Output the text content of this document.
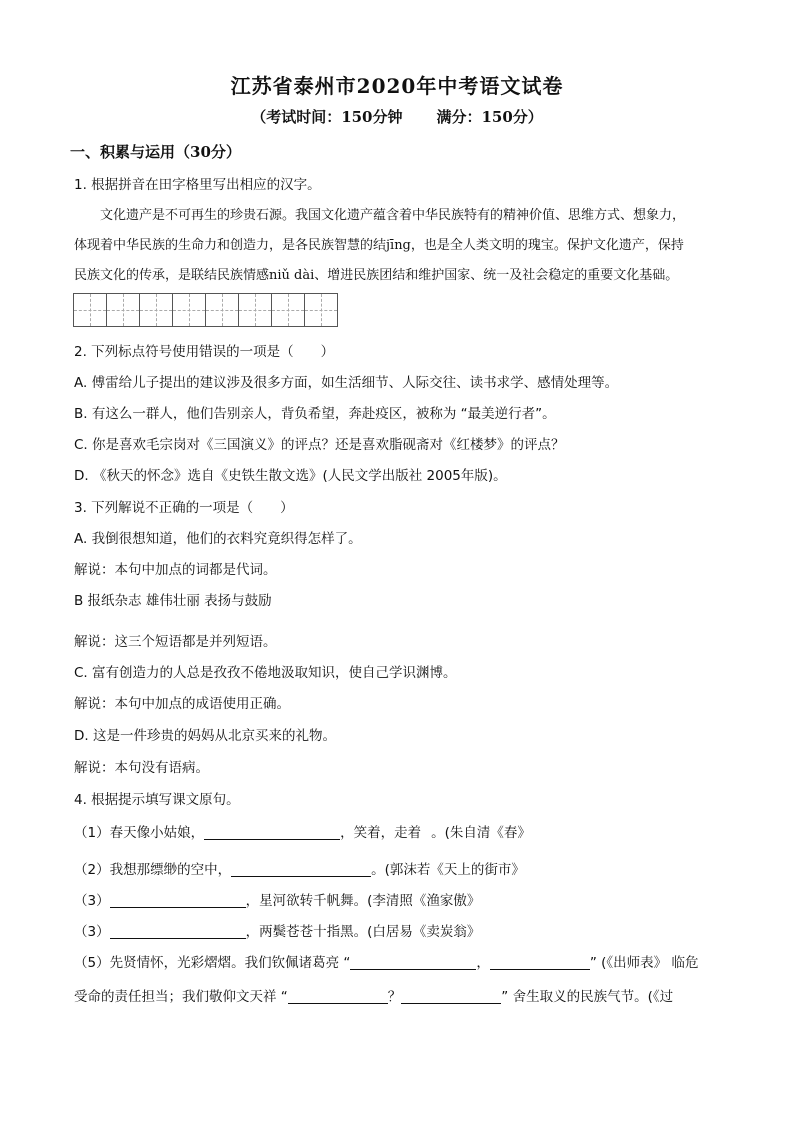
江苏省泰州市2020年中考语文试卷
（考试时间：150分钟 满分：150分）
一、积累与运用（30分）
1. 根据拼音在田字格里写出相应的汉字。

文化遗产是不可再生的珍贵石源。我国文化遗产蕴含着中华民族特有的精神价值、思维方式、想象力，

体现着中华民族的生命力和创造力，是各民族智慧的结jīng，也是全人类文明的瑰宝。保护文化遗产，保持

民族文化的传承，是联结民族情感niǔ dài、增进民族团结和维护国家、统一及社会稳定的重要文化基础。

2. 下列标点符号使用错误的一项是（　　）
A. 傅雷给儿子提出的建议涉及很多方面，如生活细节、人际交往、读书求学、感情处理等。
B. 有这么一群人，他们告别亲人，背负希望，奔赴疫区，被称为 “最美逆行者”。
C. 你是喜欢毛宗岗对《三国演义》的评点？还是喜欢脂砚斋对《红楼梦》的评点？
D. 《秋天的怀念》选自《史铁生散文选》(人民文学出版社 2005年版)。
3. 下列解说不正确的一项是（　　）
A. 我倒很想知道，他们的衣料究竟织得怎样了。
解说：本句中加点的词都是代词。
B 报纸杂志 雄伟壮丽 表扬与鼓励
解说：这三个短语都是并列短语。
C. 富有创造力的人总是孜孜不倦地汲取知识，使自己学识渊博。
解说：本句中加点的成语使用正确。
D. 这是一件珍贵的妈妈从北京买来的礼物。
解说：本句没有语病。
4. 根据提示填写课文原句。
（1）春天像小姑娘，	，笑着，走着 。(朱自清《春》
（2）我想那缥缈的空中，	。(郭沫若《天上的街市》
（3）	，星河欲转千帆舞。(李清照《渔家傲》
（3）	，两鬓苍苍十指黑。(白居易《卖炭翁》
（5）先贤情怀，光彩熠熠。我们钦佩诸葛亮 “	，	” (《出师表》 临危
受命的责任担当；我们敬仰文天祥 “	？	” 舍生取义的民族气节。(《过
